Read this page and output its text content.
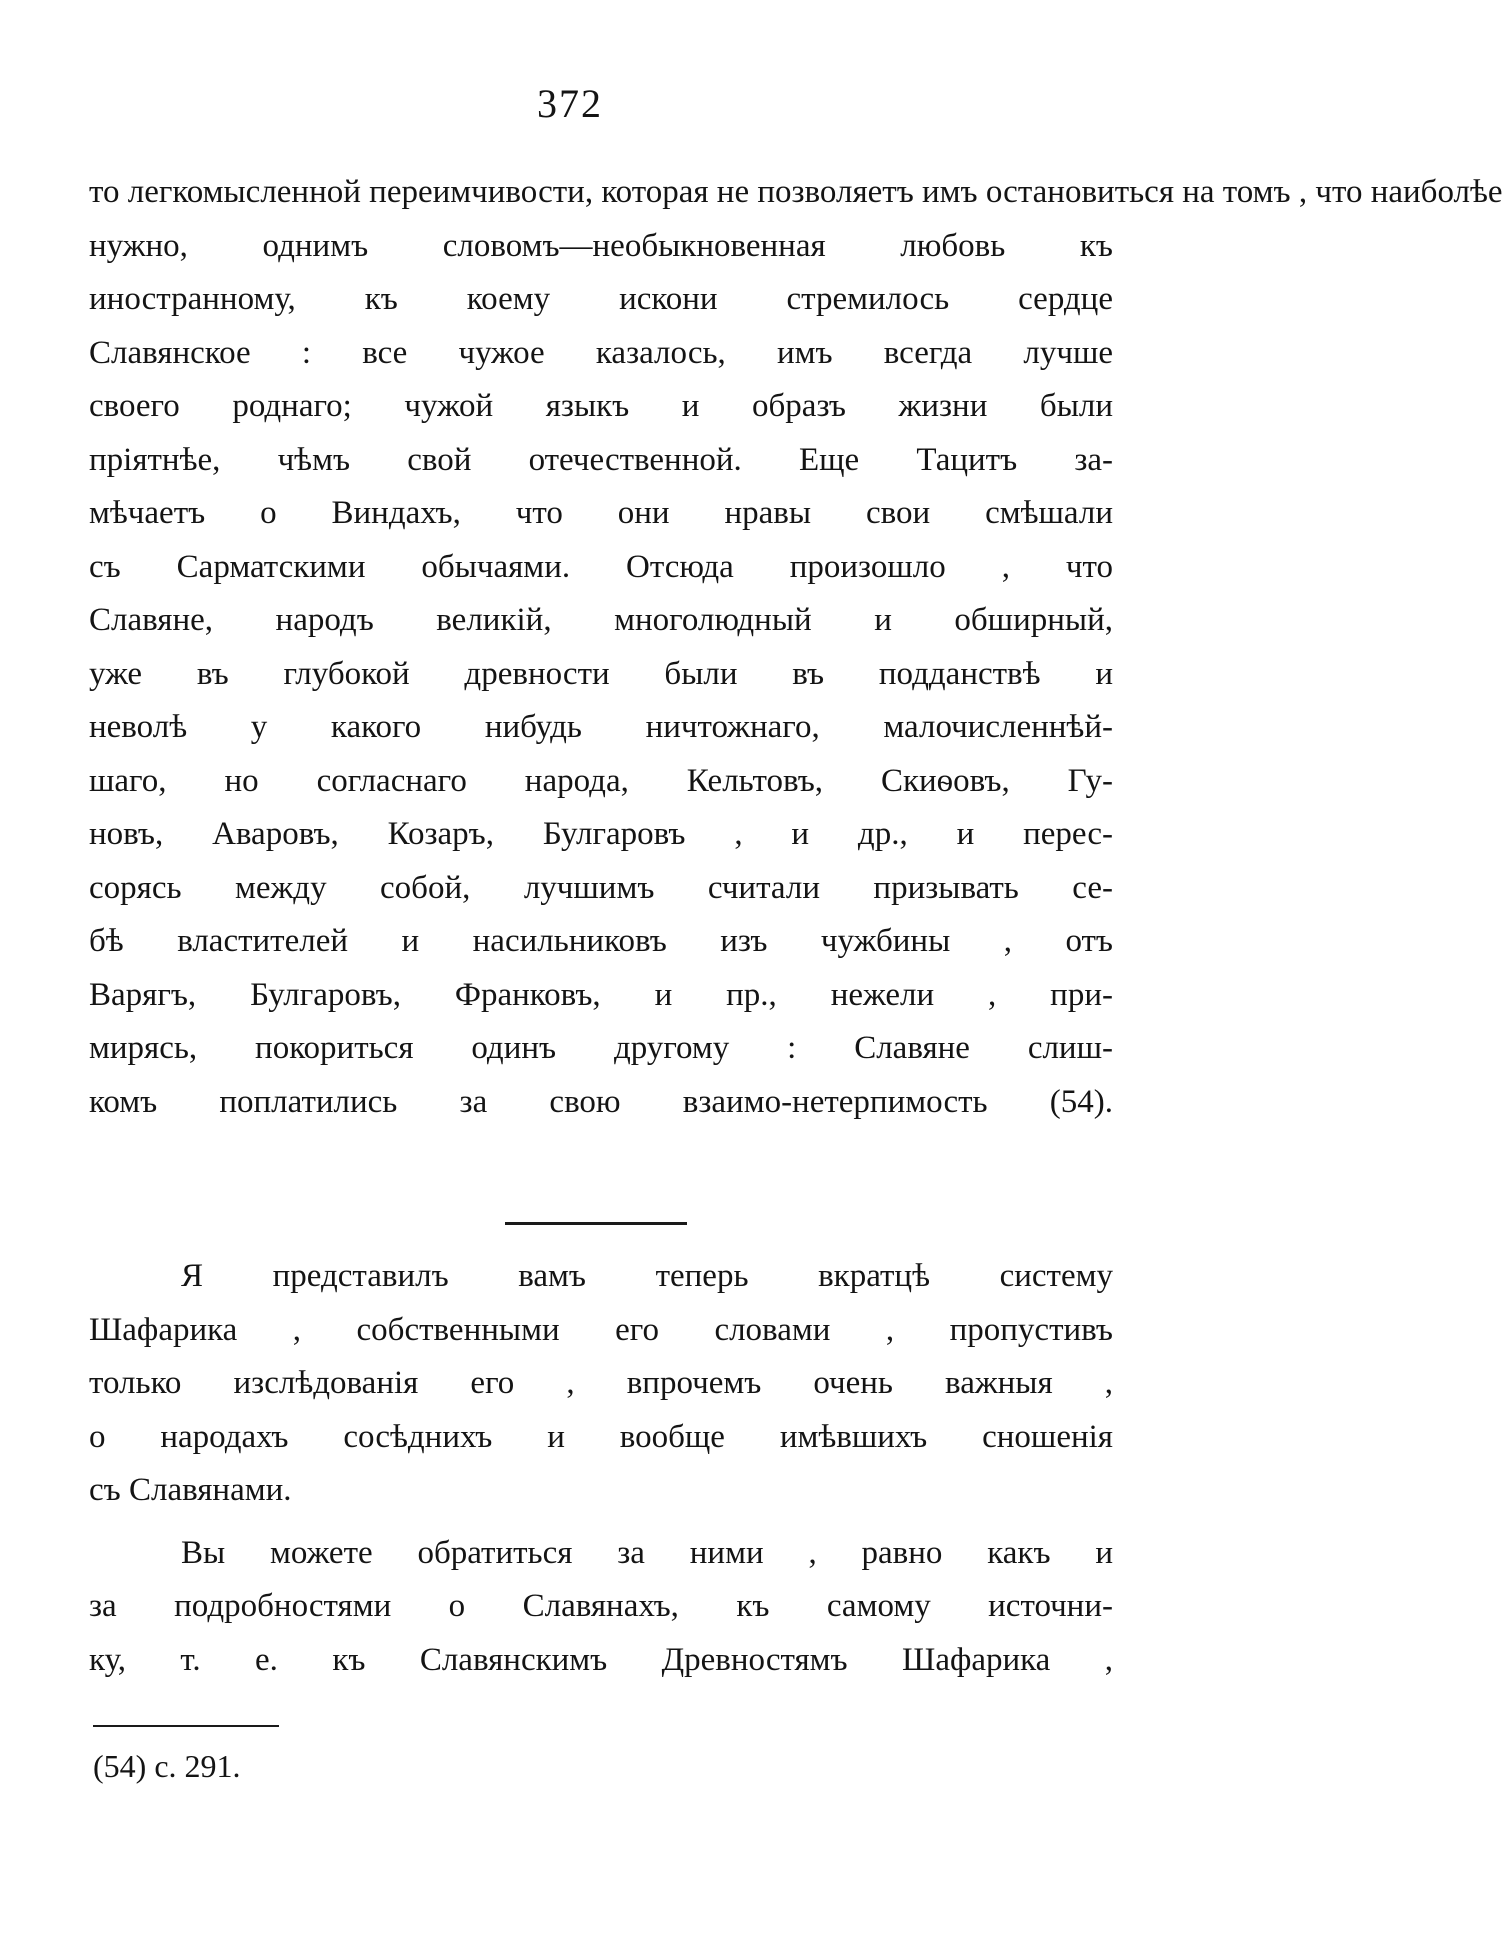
372
то легкомысленной переимчивости, которая не позволяетъ имъ остановиться на томъ , что наиболѣе
нужно, однимъ словомъ—необыкновенная любовь къ
иностранному, къ коему искони стремилось сердце
Славянское : все чужое казалось, имъ всегда лучше
своего роднаго; чужой языкъ и образъ жизни были
пріятнѣе, чѣмъ свой отечественной. Еще Тацитъ за-
мѣчаетъ о Виндахъ, что они нравы свои смѣшали
съ Сарматскими обычаями. Отсюда произошло , что
Славяне, народъ великій, многолюдный и обширный,
уже въ глубокой древности были въ подданствѣ и
неволѣ у какого нибудь ничтожнаго, малочисленнѣй-
шаго, но согласнаго народа, Кельтовъ, Скиѳовъ, Гу-
новъ, Аваровъ, Козаръ, Булгаровъ , и др., и перес-
сорясь между собой, лучшимъ считали призывать се-
бѣ властителей и насильниковъ изъ чужбины , отъ
Варягъ, Булгаровъ, Франковъ, и пр., нежели , при-
мирясь, покориться одинъ другому : Славяне слиш-
комъ поплатились за свою взаимо-нетерпимость (54).
Я представилъ вамъ теперь вкратцѣ систему
Шафарика , собственными его словами , пропустивъ
только изслѣдованія его , впрочемъ очень важныя ,
о народахъ сосѣднихъ и вообще имѣвшихъ сношенія
съ Славянами.
Вы можете обратиться за ними , равно какъ и
за подробностями о Славянахъ, къ самому источни-
ку, т. е. къ Славянскимъ Древностямъ Шафарика ,
(54) с. 291.
